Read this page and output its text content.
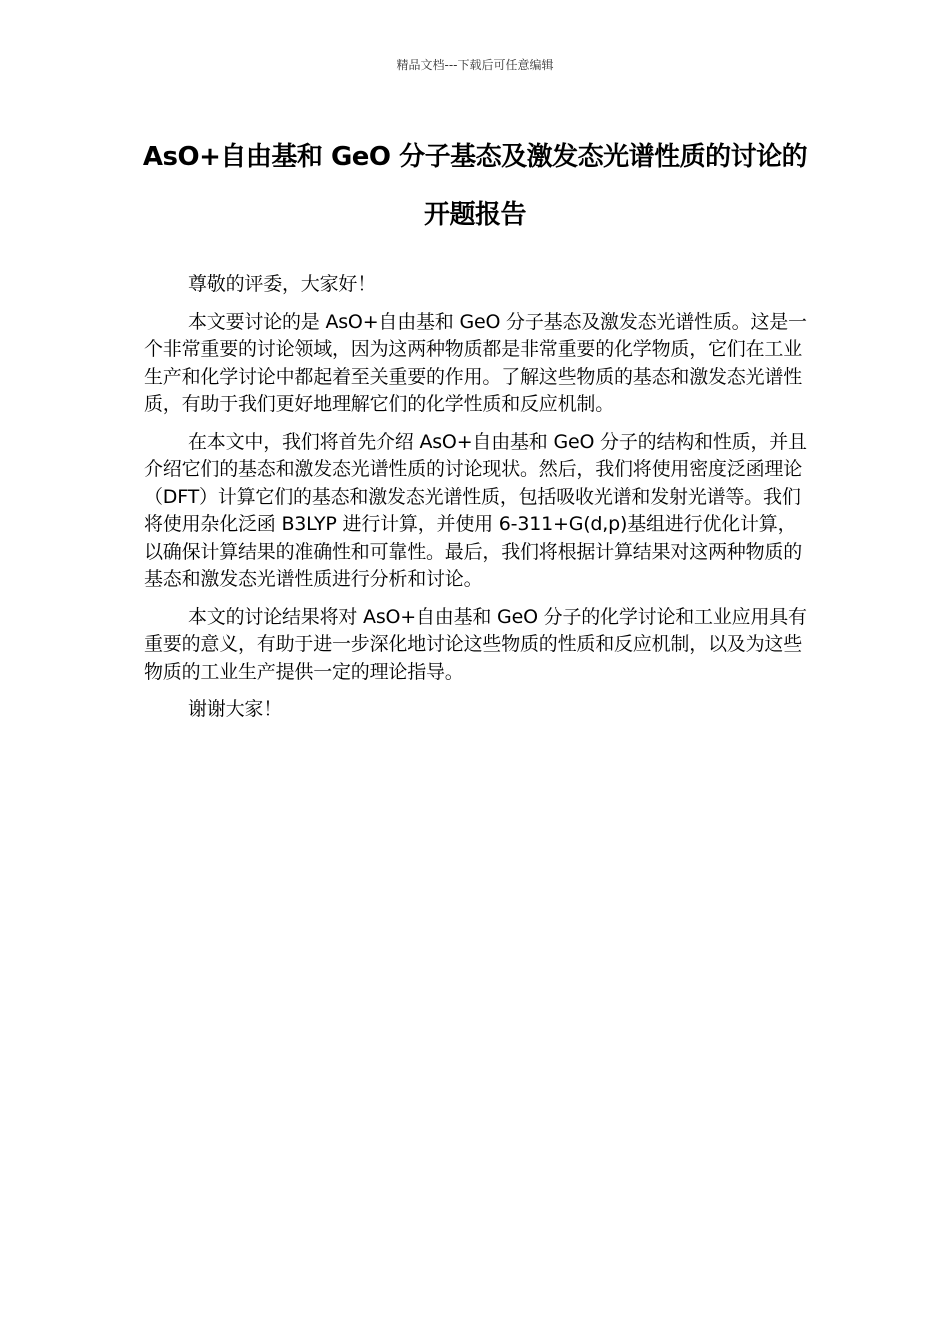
精品文档---下载后可任意编辑
AsO+自由基和 GeO 分子基态及激发态光谱性质的讨论的开题报告

尊敬的评委，大家好！

本文要讨论的是 AsO+自由基和 GeO 分子基态及激发态光谱性质。这是一个非常重要的讨论领域，因为这两种物质都是非常重要的化学物质，它们在工业生产和化学讨论中都起着至关重要的作用。了解这些物质的基态和激发态光谱性质，有助于我们更好地理解它们的化学性质和反应机制。

在本文中，我们将首先介绍 AsO+自由基和 GeO 分子的结构和性质，并且介绍它们的基态和激发态光谱性质的讨论现状。然后，我们将使用密度泛函理论（DFT）计算它们的基态和激发态光谱性质，包括吸收光谱和发射光谱等。我们将使用杂化泛函 B3LYP 进行计算，并使用 6-311+G(d,p)基组进行优化计算，以确保计算结果的准确性和可靠性。最后，我们将根据计算结果对这两种物质的基态和激发态光谱性质进行分析和讨论。

本文的讨论结果将对 AsO+自由基和 GeO 分子的化学讨论和工业应用具有重要的意义，有助于进一步深化地讨论这些物质的性质和反应机制，以及为这些物质的工业生产提供一定的理论指导。

谢谢大家！
